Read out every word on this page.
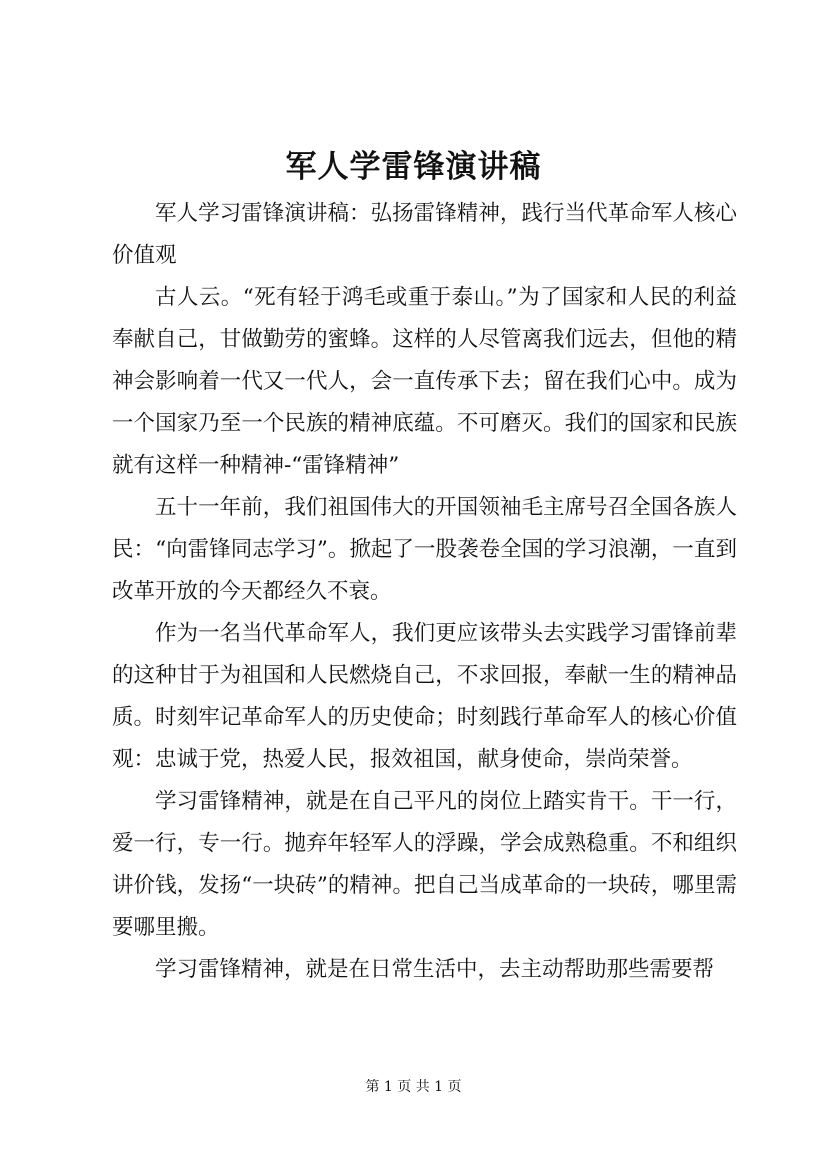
军人学雷锋演讲稿

军人学习雷锋演讲稿：弘扬雷锋精神，践行当代革命军人核心价值观

古人云。“死有轻于鸿毛或重于泰山。”为了国家和人民的利益奉献自己，甘做勤劳的蜜蜂。这样的人尽管离我们远去，但他的精神会影响着一代又一代人，会一直传承下去；留在我们心中。成为一个国家乃至一个民族的精神底蕴。不可磨灭。我们的国家和民族就有这样一种精神-“雷锋精神”

五十一年前，我们祖国伟大的开国领袖毛主席号召全国各族人民：“向雷锋同志学习”。掀起了一股袭卷全国的学习浪潮，一直到改革开放的今天都经久不衰。

作为一名当代革命军人，我们更应该带头去实践学习雷锋前辈的这种甘于为祖国和人民燃烧自己，不求回报，奉献一生的精神品质。时刻牢记革命军人的历史使命；时刻践行革命军人的核心价值观：忠诚于党，热爱人民，报效祖国，献身使命，崇尚荣誉。

学习雷锋精神，就是在自己平凡的岗位上踏实肯干。干一行，爱一行，专一行。抛弃年轻军人的浮躁，学会成熟稳重。不和组织讲价钱，发扬“一块砖”的精神。把自己当成革命的一块砖，哪里需要哪里搬。

学习雷锋精神，就是在日常生活中，去主动帮助那些需要帮

第 1 页 共 1 页
